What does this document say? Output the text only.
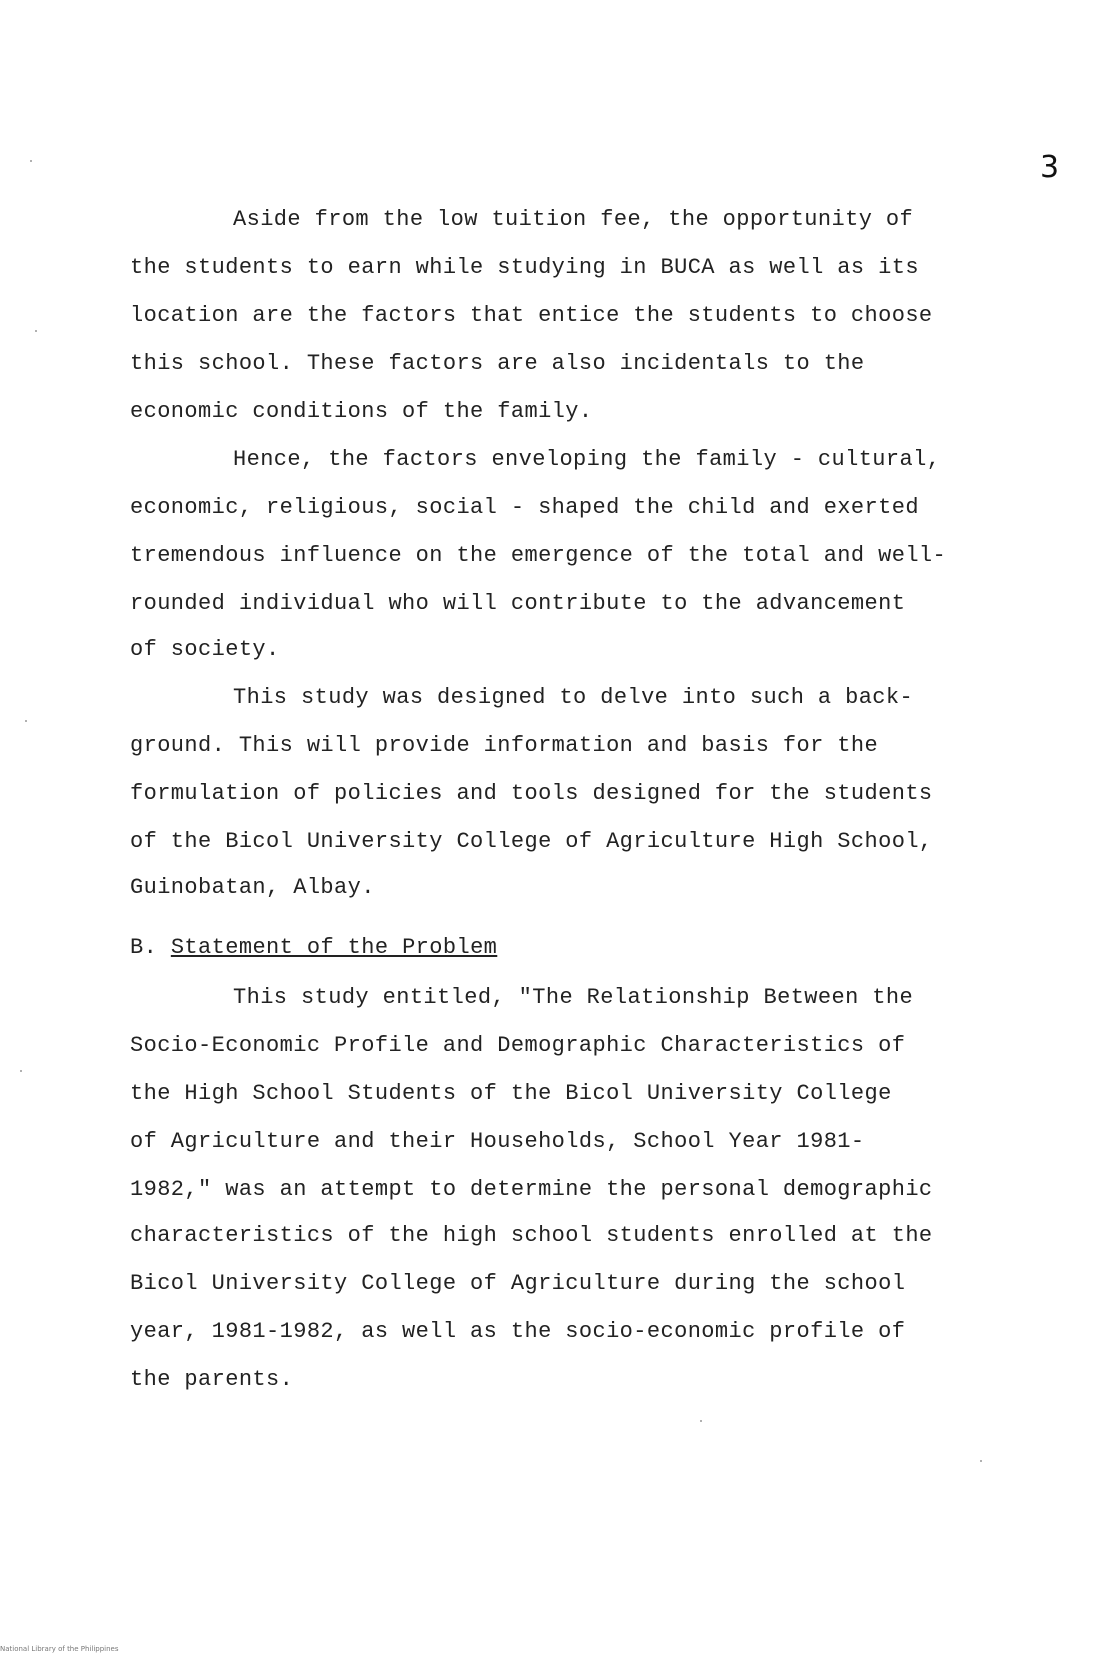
3
Aside from the low tuition fee, the opportunity of
the students to earn while studying in BUCA as well as its
location are the factors that entice the students to choose
this school. These factors are also incidentals to the
economic conditions of the family.
Hence, the factors enveloping the family - cultural,
economic, religious, social - shaped the child and exerted
tremendous influence on the emergence of the total and well-
rounded individual who will contribute to the advancement
of society.
This study was designed to delve into such a back-
ground. This will provide information and basis for the
formulation of policies and tools designed for the students
of the Bicol University College of Agriculture High School,
Guinobatan, Albay.
B. Statement of the Problem
This study entitled, "The Relationship Between the
Socio-Economic Profile and Demographic Characteristics of
the High School Students of the Bicol University College
of Agriculture and their Households, School Year 1981-
1982," was an attempt to determine the personal demographic
characteristics of the high school students enrolled at the
Bicol University College of Agriculture during the school
year, 1981-1982, as well as the socio-economic profile of
the parents.
National Library of the Philippines
